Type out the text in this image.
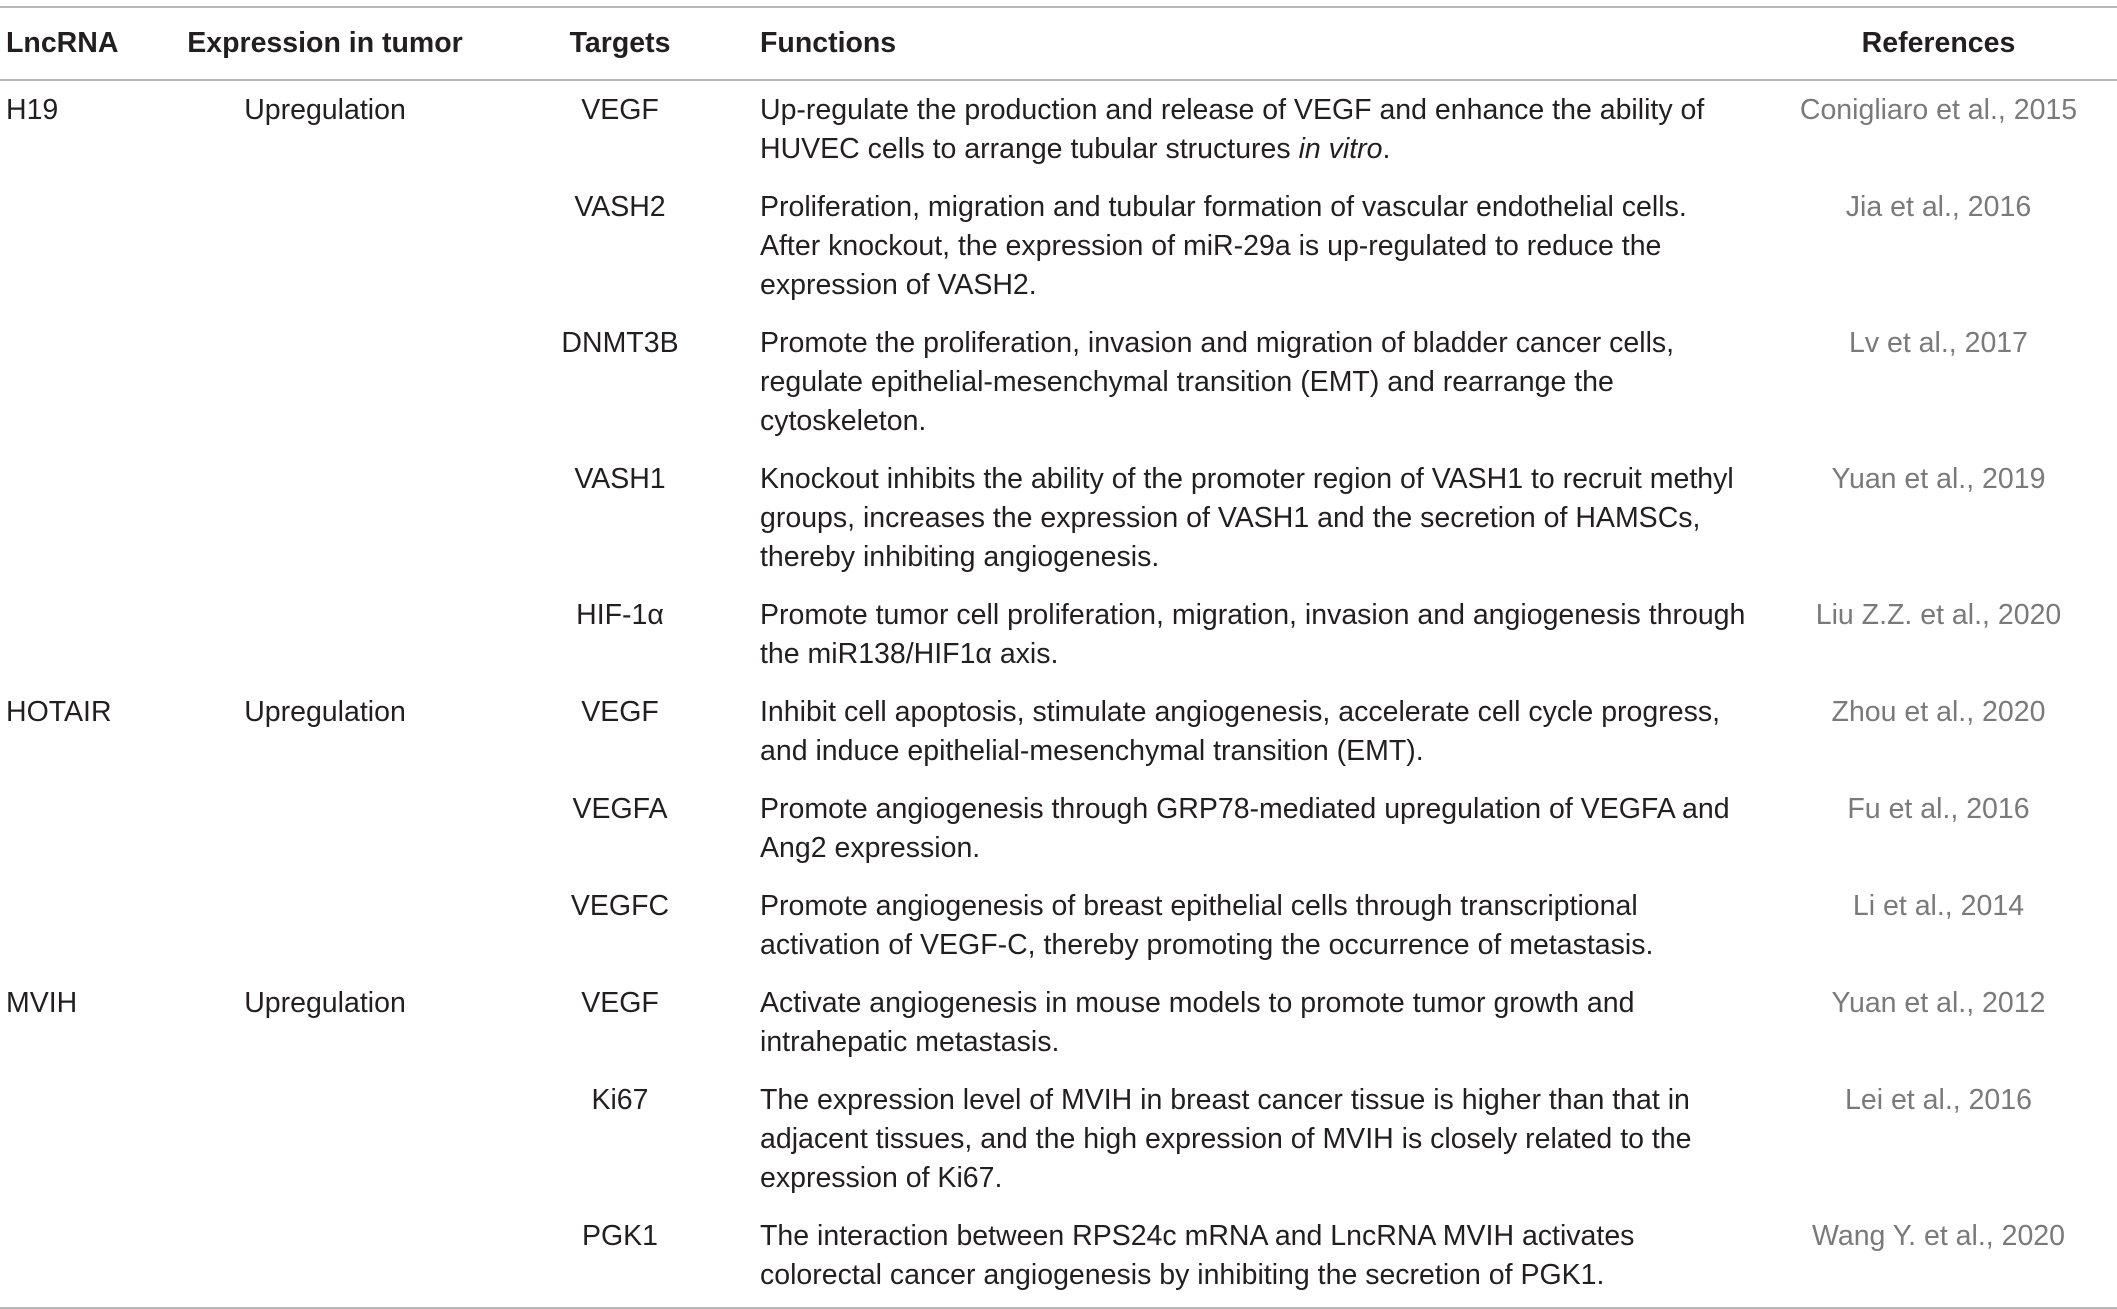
LncRNA	Expression in tumor	Targets	Functions	References
H19	Upregulation	VEGF	Up-regulate the production and release of VEGF and enhance the ability of HUVEC cells to arrange tubular structures in vitro.	Conigliaro et al., 2015
		VASH2	Proliferation, migration and tubular formation of vascular endothelial cells. After knockout, the expression of miR-29a is up-regulated to reduce the expression of VASH2.	Jia et al., 2016
		DNMT3B	Promote the proliferation, invasion and migration of bladder cancer cells, regulate epithelial-mesenchymal transition (EMT) and rearrange the cytoskeleton.	Lv et al., 2017
		VASH1	Knockout inhibits the ability of the promoter region of VASH1 to recruit methyl groups, increases the expression of VASH1 and the secretion of HAMSCs, thereby inhibiting angiogenesis.	Yuan et al., 2019
		HIF-1α	Promote tumor cell proliferation, migration, invasion and angiogenesis through the miR138/HIF1α axis.	Liu Z.Z. et al., 2020
HOTAIR	Upregulation	VEGF	Inhibit cell apoptosis, stimulate angiogenesis, accelerate cell cycle progress, and induce epithelial-mesenchymal transition (EMT).	Zhou et al., 2020
		VEGFA	Promote angiogenesis through GRP78-mediated upregulation of VEGFA and Ang2 expression.	Fu et al., 2016
		VEGFC	Promote angiogenesis of breast epithelial cells through transcriptional activation of VEGF-C, thereby promoting the occurrence of metastasis.	Li et al., 2014
MVIH	Upregulation	VEGF	Activate angiogenesis in mouse models to promote tumor growth and intrahepatic metastasis.	Yuan et al., 2012
		Ki67	The expression level of MVIH in breast cancer tissue is higher than that in adjacent tissues, and the high expression of MVIH is closely related to the expression of Ki67.	Lei et al., 2016
		PGK1	The interaction between RPS24c mRNA and LncRNA MVIH activates colorectal cancer angiogenesis by inhibiting the secretion of PGK1.	Wang Y. et al., 2020
